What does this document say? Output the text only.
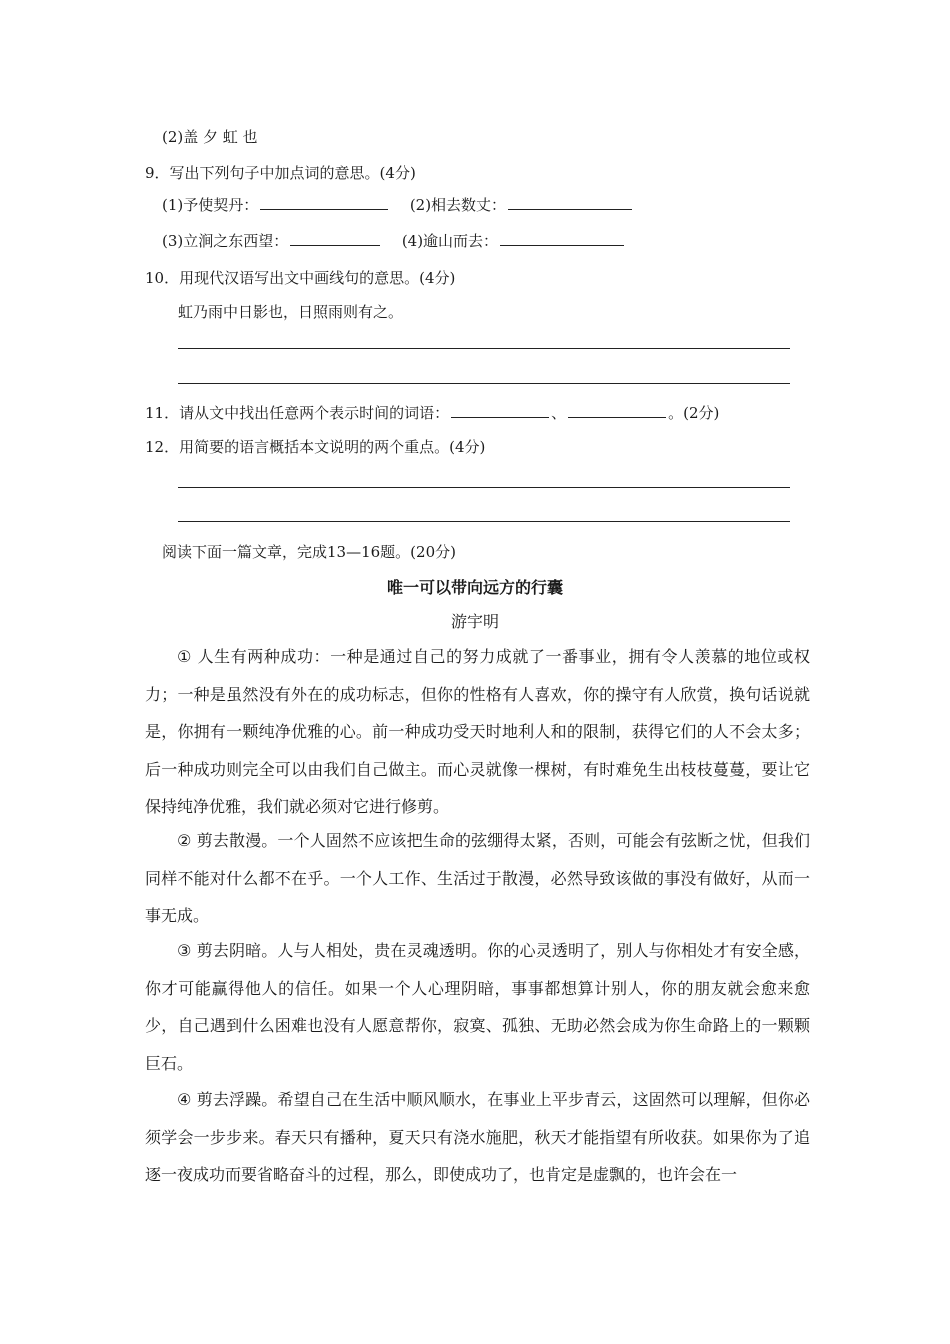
(2)盖 夕 虹 也
9．写出下列句子中加点词的意思。(4分)
(1)予使契丹：	(2)相去数丈：
(3)立涧之东西望：	(4)逾山而去：
10．用现代汉语写出文中画线句的意思。(4分)
虹乃雨中日影也，日照雨则有之。
11．请从文中找出任意两个表示时间的词语：	、	。(2分)
12．用简要的语言概括本文说明的两个重点。(4分)
阅读下面一篇文章，完成13—16题。(20分)
唯一可以带向远方的行囊
游宇明
① 人生有两种成功：一种是通过自己的努力成就了一番事业，拥有令人羡慕的地位或权力；一种是虽然没有外在的成功标志，但你的性格有人喜欢，你的操守有人欣赏，换句话说就是，你拥有一颗纯净优雅的心。前一种成功受天时地利人和的限制，获得它们的人不会太多；后一种成功则完全可以由我们自己做主。而心灵就像一棵树，有时难免生出枝枝蔓蔓，要让它保持纯净优雅，我们就必须对它进行修剪。
② 剪去散漫。一个人固然不应该把生命的弦绷得太紧，否则，可能会有弦断之忧，但我们 同样不能对什么都不在乎。一个人工作、生活过于散漫，必然导致该做的事没有做好，从而一事无成。
③ 剪去阴暗。人与人相处，贵在灵魂透明。你的心灵透明了，别人与你相处才有安全感，你才可能赢得他人的信任。如果一个人心理阴暗，事事都想算计别人，你的朋友就会愈来愈少，自己遇到什么困难也没有人愿意帮你，寂寞、孤独、无助必然会成为你生命路上的一颗颗巨石。
④ 剪去浮躁。希望自己在生活中顺风顺水，在事业上平步青云，这固然可以理解，但你必须学会一步步来。春天只有播种，夏天只有浇水施肥，秋天才能指望有所收获。如果你为了追逐一夜成功而要省略奋斗的过程，那么，即使成功了，也肯定是虚飘的，也许会在一
